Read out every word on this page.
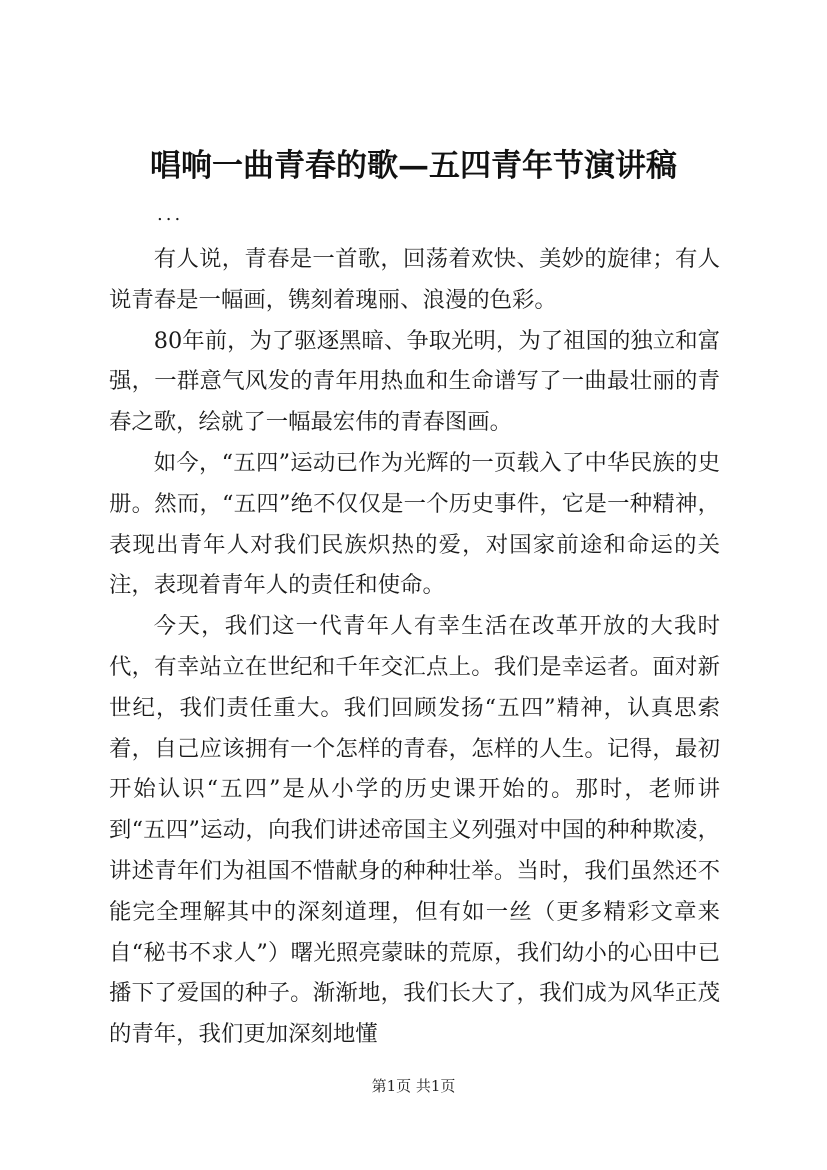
唱响一曲青春的歌—五四青年节演讲稿

...

有人说，青春是一首歌，回荡着欢快、美妙的旋律；有人说青春是一幅画，镌刻着瑰丽、浪漫的色彩。

80年前，为了驱逐黑暗、争取光明，为了祖国的独立和富强，一群意气风发的青年用热血和生命谱写了一曲最壮丽的青春之歌，绘就了一幅最宏伟的青春图画。

如今，“五四”运动已作为光辉的一页载入了中华民族的史册。然而，“五四”绝不仅仅是一个历史事件，它是一种精神，表现出青年人对我们民族炽热的爱，对国家前途和命运的关注，表现着青年人的责任和使命。

今天，我们这一代青年人有幸生活在改革开放的大我时代，有幸站立在世纪和千年交汇点上。我们是幸运者。面对新世纪，我们责任重大。我们回顾发扬“五四”精神，认真思索着，自己应该拥有一个怎样的青春，怎样的人生。记得，最初开始认识“五四”是从小学的历史课开始的。那时，老师讲到“五四”运动，向我们讲述帝国主义列强对中国的种种欺凌，讲述青年们为祖国不惜献身的种种壮举。当时，我们虽然还不能完全理解其中的深刻道理，但有如一丝（更多精彩文章来自“秘书不求人”）曙光照亮蒙昧的荒原，我们幼小的心田中已播下了爱国的种子。渐渐地，我们长大了，我们成为风华正茂的青年，我们更加深刻地懂

第1页 共1页
